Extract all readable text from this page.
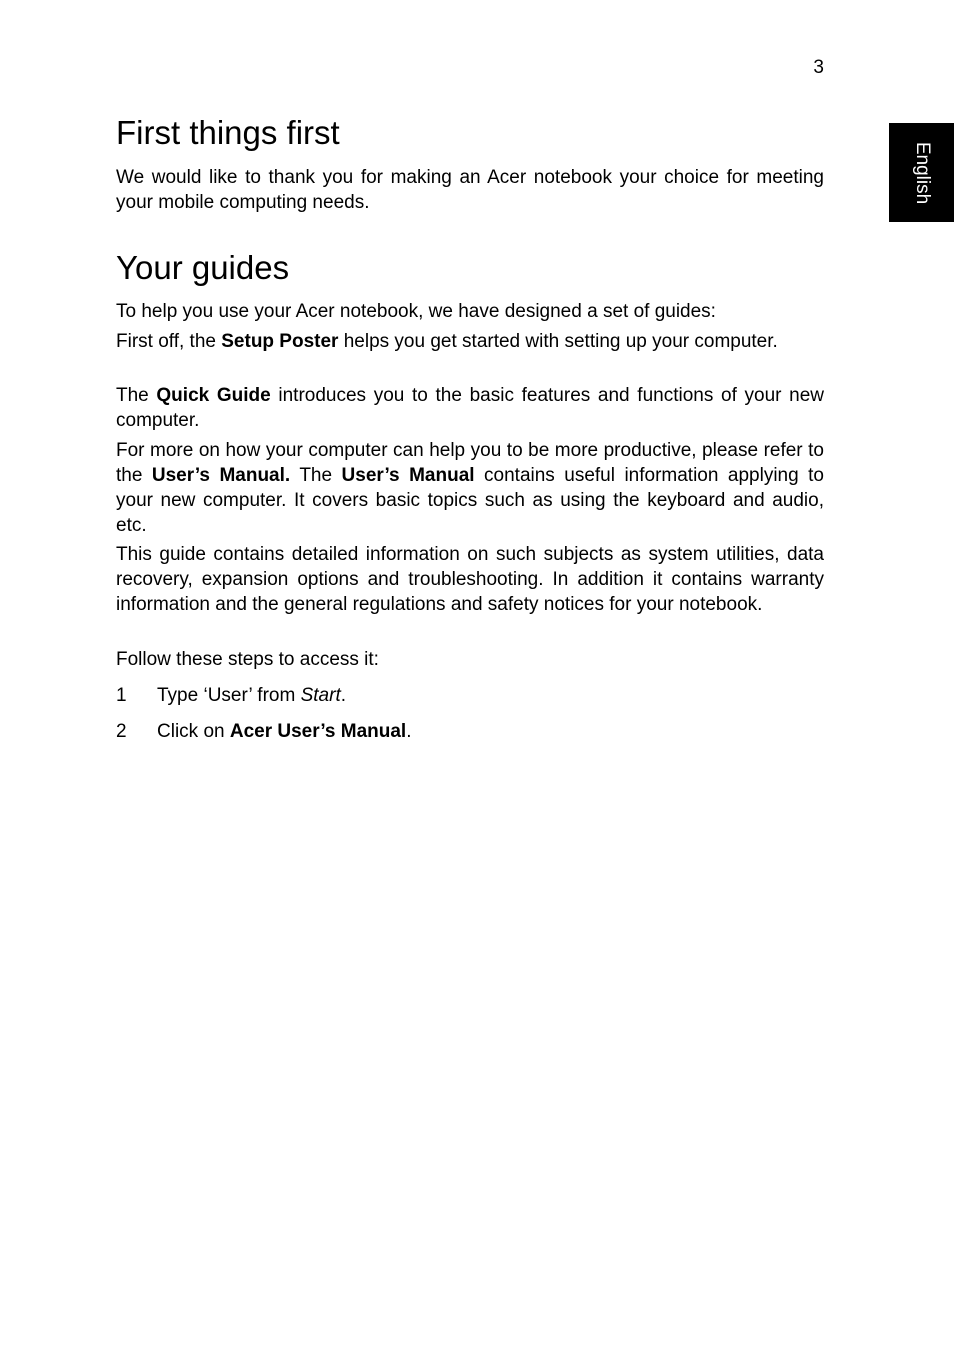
3
English
First things first

We would like to thank you for making an Acer notebook your choice for meeting your mobile computing needs.

Your guides

To help you use your Acer notebook, we have designed a set of guides:

First off, the Setup Poster helps you get started with setting up your computer.

The Quick Guide introduces you to the basic features and functions of your new computer.

For more on how your computer can help you to be more productive, please refer to the User’s Manual. The User’s Manual contains useful information applying to your new computer. It covers basic topics such as using the keyboard and audio, etc.

This guide contains detailed information on such subjects as system utilities, data recovery, expansion options and troubleshooting. In addition it contains warranty information and the general regulations and safety notices for your notebook.

Follow these steps to access it:

1 Type ‘User’ from Start.
2 Click on Acer User’s Manual.
